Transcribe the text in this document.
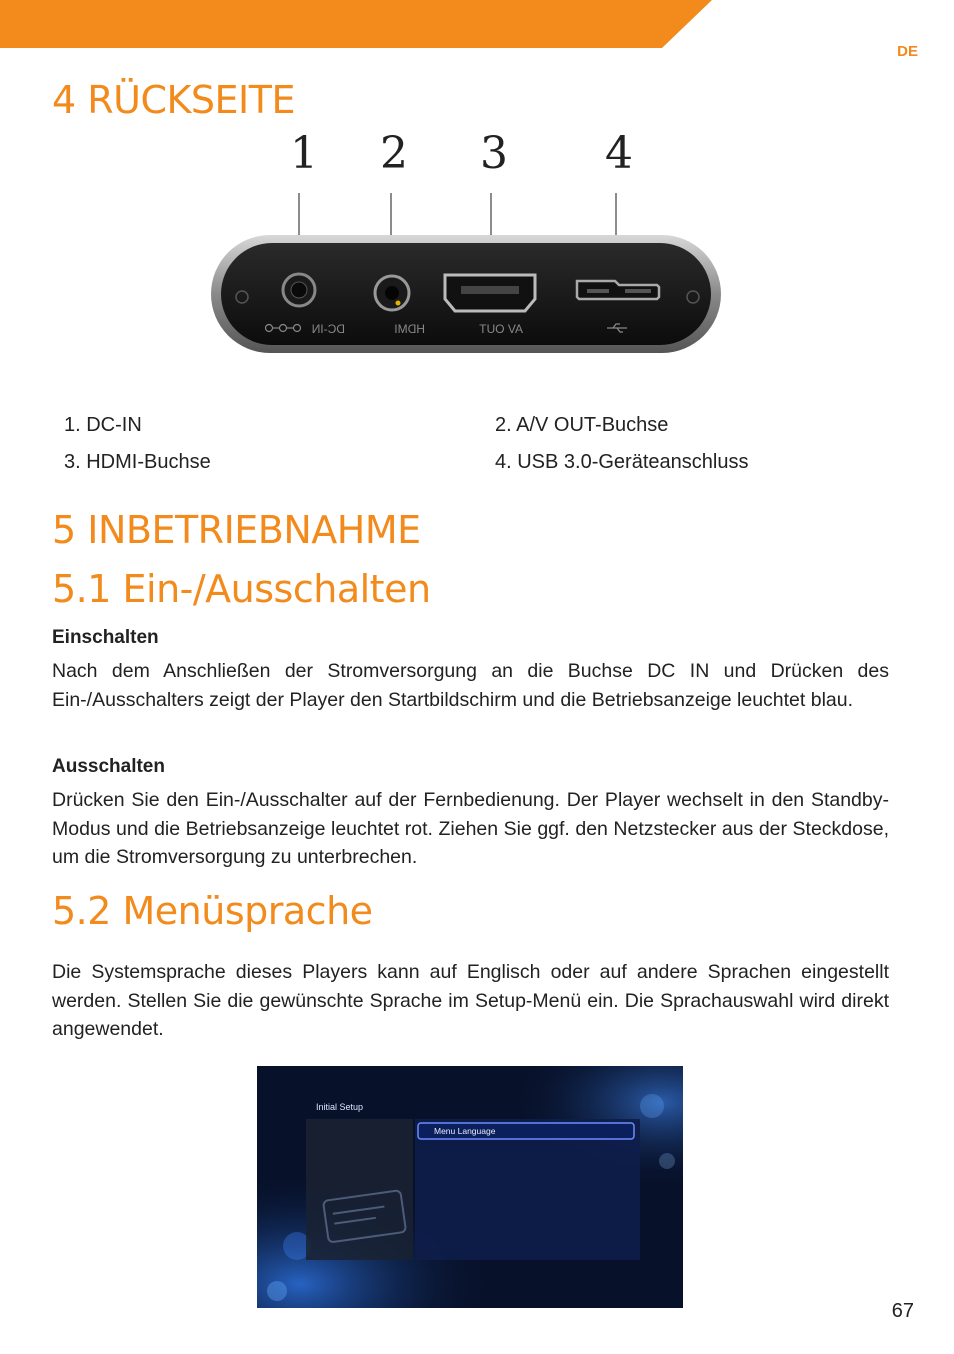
DE
4 RÜCKSEITE
1 2 3 4
AV OUT
DC-IN	HDMI
1. DC-IN	2. A/V OUT-Buchse
3. HDMI-Buchse	4. USB 3.0-Geräteanschluss
5 INBETRIEBNAHME
5.1 Ein-/Ausschalten
Einschalten

Nach dem Anschließen der Stromversorgung an die Buchse DC IN und Drücken des Ein-/Ausschalters zeigt der Player den Startbildschirm und die Betriebsanzeige leuchtet blau.

Ausschalten

Drücken Sie den Ein-/Ausschalter auf der Fernbedienung. Der Player wechselt in den Standby-Modus und die Betriebsanzeige leuchtet rot. Ziehen Sie ggf. den Netzstecker aus der Steckdose, um die Stromversorgung zu unterbrechen.

5.2 Menüsprache

Die Systemsprache dieses Players kann auf Englisch oder auf andere Sprachen eingestellt werden. Stellen Sie die gewünschte Sprache im Setup-Menü ein. Die Sprachauswahl wird direkt angewendet.

Initial Setup
Menu Language
67
